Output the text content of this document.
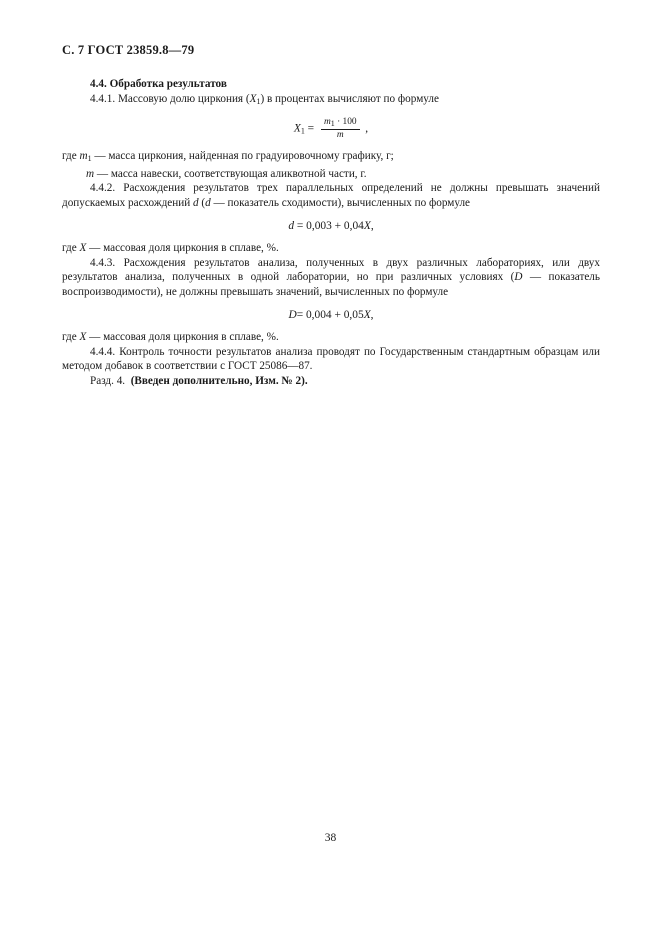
С. 7 ГОСТ 23859.8—79

4.4. Обработка результатов

4.4.1. Массовую долю циркония $(X_1)$ в процентах вычисляют по формуле

$X_1 = \frac{m1 \cdot 100}{m}$ ,

где $m_1$ — масса циркония, найденная по градуировочному графику, г;

m — масса навески, соответствующая аликвотной части, г.

4.4.2. Расхождения результатов трех параллельных определений не должны превышать значений допускаемых расхождений d (d — показатель сходимости), вычисленных по формуле

d = 0,003 + 0,04X,

где X — массовая доля циркония в сплаве, %.

4.4.3. Расхождения результатов анализа, полученных в двух различных лабораториях, или двух результатов анализа, полученных в одной лаборатории, но при различных условиях (D — показатель воспроизводимости), не должны превышать значений, вычисленных по формуле

D= 0,004 + 0,05X,

где X — массовая доля циркония в сплаве, %.

4.4.4. Контроль точности результатов анализа проводят по Государственным стандартным образцам или методом добавок в соответствии с ГОСТ 25086—87.

Разд. 4.  (Введен дополнительно, Изм. № 2).

38
